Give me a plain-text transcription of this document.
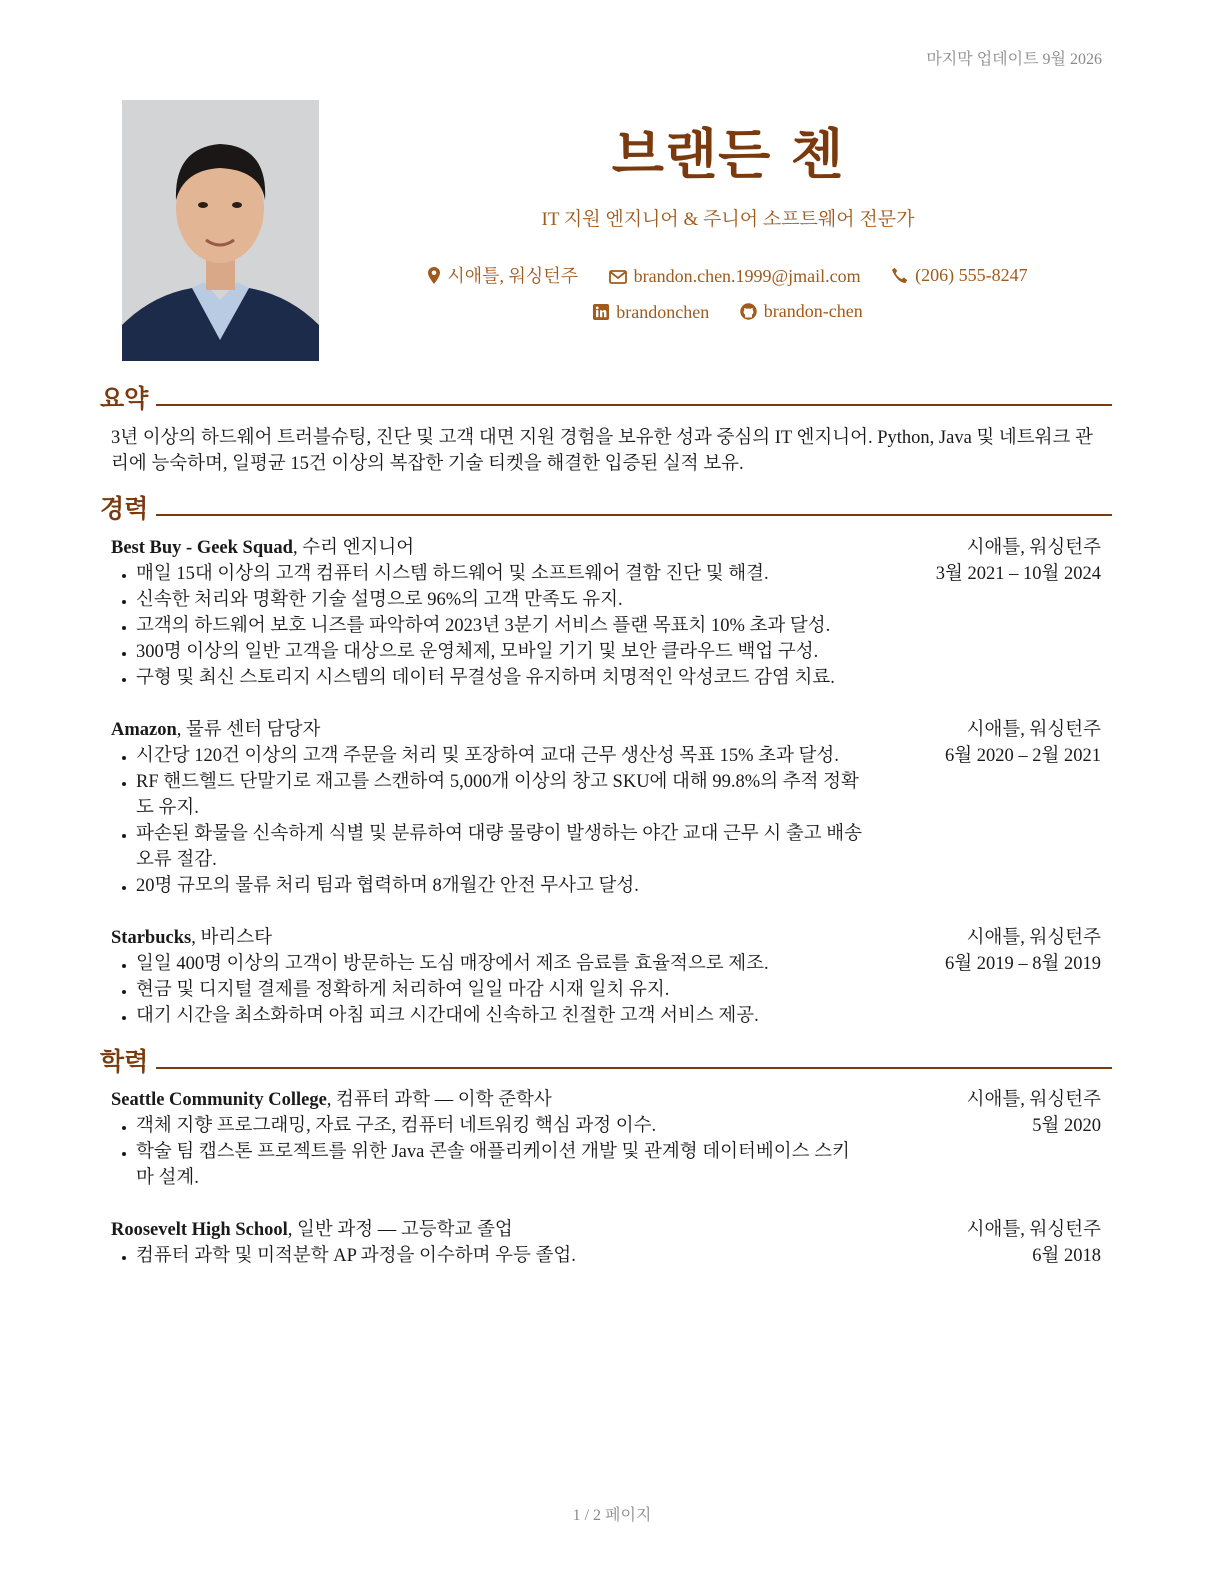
마지막 업데이트 9월 2026
브랜든 첸
IT 지원 엔지니어 & 주니어 소프트웨어 전문가
시애틀, 워싱턴주
	brandon.chen.1999@jmail.com
	(206) 555-8247
brandonchen
	brandon-chen
요약
3년 이상의 하드웨어 트러블슈팅, 진단 및 고객 대면 지원 경험을 보유한 성과 중심의 IT 엔지니어. Python, Java 및 네트워크 관리에 능숙하며, 일평균 15건 이상의 복잡한 기술 티켓을 해결한 입증된 실적 보유.
경력
Best Buy - Geek Squad, 수리 엔지니어	시애틀, 워싱턴주
3월 2021 – 10월 2024
• 매일 15대 이상의 고객 컴퓨터 시스템 하드웨어 및 소프트웨어 결함 진단 및 해결.
• 신속한 처리와 명확한 기술 설명으로 96%의 고객 만족도 유지.
• 고객의 하드웨어 보호 니즈를 파악하여 2023년 3분기 서비스 플랜 목표치 10% 초과 달성.
• 300명 이상의 일반 고객을 대상으로 운영체제, 모바일 기기 및 보안 클라우드 백업 구성.
• 구형 및 최신 스토리지 시스템의 데이터 무결성을 유지하며 치명적인 악성코드 감염 치료.
Amazon, 물류 센터 담당자	시애틀, 워싱턴주
6월 2020 – 2월 2021
• 시간당 120건 이상의 고객 주문을 처리 및 포장하여 교대 근무 생산성 목표 15% 초과 달성.
• RF 핸드헬드 단말기로 재고를 스캔하여 5,000개 이상의 창고 SKU에 대해 99.8%의 추적 정확도 유지.
• 파손된 화물을 신속하게 식별 및 분류하여 대량 물량이 발생하는 야간 교대 근무 시 출고 배송 오류 절감.
• 20명 규모의 물류 처리 팀과 협력하며 8개월간 안전 무사고 달성.
Starbucks, 바리스타	시애틀, 워싱턴주
6월 2019 – 8월 2019
• 일일 400명 이상의 고객이 방문하는 도심 매장에서 제조 음료를 효율적으로 제조.
• 현금 및 디지털 결제를 정확하게 처리하여 일일 마감 시재 일치 유지.
• 대기 시간을 최소화하며 아침 피크 시간대에 신속하고 친절한 고객 서비스 제공.
학력
Seattle Community College, 컴퓨터 과학 — 이학 준학사	시애틀, 워싱턴주
5월 2020
• 객체 지향 프로그래밍, 자료 구조, 컴퓨터 네트워킹 핵심 과정 이수.
• 학술 팀 캡스톤 프로젝트를 위한 Java 콘솔 애플리케이션 개발 및 관계형 데이터베이스 스키마 설계.
Roosevelt High School, 일반 과정 — 고등학교 졸업	시애틀, 워싱턴주
6월 2018
• 컴퓨터 과학 및 미적분학 AP 과정을 이수하며 우등 졸업.
1 / 2 페이지
